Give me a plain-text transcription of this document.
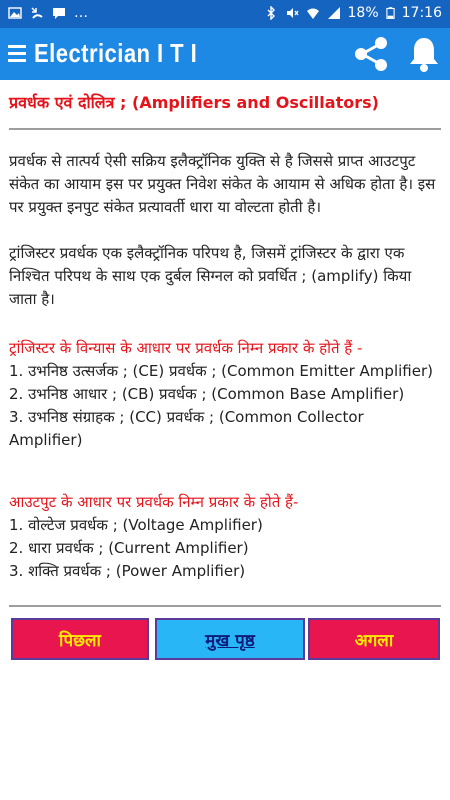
…	18% 17:16
Electrician I T I
प्रवर्धक एवं दोलित्र ; (Amplifiers and Oscillators)
प्रवर्धक से तात्पर्य ऐसी सक्रिय इलैक्ट्रॉनिक युक्ति से है जिससे प्राप्त आउटपुट संकेत का आयाम इस पर प्रयुक्त निवेश संकेत के आयाम से अधिक होता है। इस पर प्रयुक्त इनपुट संकेत प्रत्यावर्ती धारा या वोल्टता होती है।
ट्रांजिस्टर प्रवर्धक एक इलैक्ट्रॉनिक परिपथ है, जिसमें ट्रांजिस्टर के द्वारा एक निश्चित परिपथ के साथ एक दुर्बल सिग्नल को प्रवर्धित ; (amplify) किया जाता है।
ट्रांजिस्टर के विन्यास के आधार पर प्रवर्धक निम्न प्रकार के होते हैं -
1. उभनिष्ठ उत्सर्जक ; (CE) प्रवर्धक ; (Common Emitter Amplifier)
2. उभनिष्ठ आधार ; (CB) प्रवर्धक ; (Common Base Amplifier)
3. उभनिष्ठ संग्राहक ; (CC) प्रवर्धक ; (Common Collector Amplifier)
आउटपुट के आधार पर प्रवर्धक निम्न प्रकार के होते हैं-
1. वोल्टेज प्रवर्धक ; (Voltage Amplifier)
2. धारा प्रवर्धक ; (Current Amplifier)
3. शक्ति प्रवर्धक ; (Power Amplifier)
पिछला	मुख पृष्ठ	अगला
